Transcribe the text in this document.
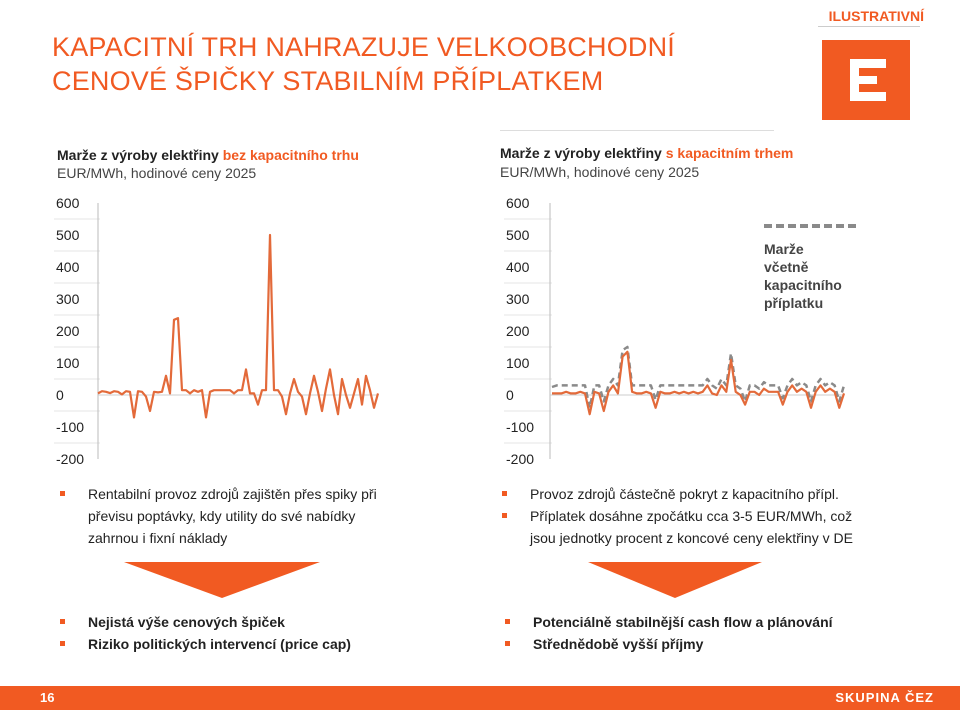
KAPACITNÍ TRH NAHRAZUJE VELKOOBCHODNÍ
CENOVÉ ŠPIČKY STABILNÍM PŘÍPLATKEM
ILUSTRATIVNÍ
Marže z výroby elektřiny bez kapacitního trhu
EUR/MWh, hodinové ceny 2025
Marže z výroby elektřiny s kapacitním trhem
EUR/MWh, hodinové ceny 2025
600
500
400
300
200
100
0
-100
-200
600
500
400
300
200
100
0
-100
-200
Marže
včetně
kapacitního
příplatku
Rentabilní provoz zdrojů zajištěn přes spiky při
převisu poptávky, kdy utility do své nabídky
zahrnou i fixní náklady
Provoz zdrojů částečně pokryt z kapacitního přípl.
Příplatek dosáhne zpočátku cca 3-5 EUR/MWh, což
jsou jednotky procent z koncové ceny elektřiny v DE
Nejistá výše cenových špiček
Riziko politických intervencí (price cap)
Potenciálně stabilnější cash flow a plánování
Střednědobě vyšší příjmy
16	SKUPINA ČEZ
